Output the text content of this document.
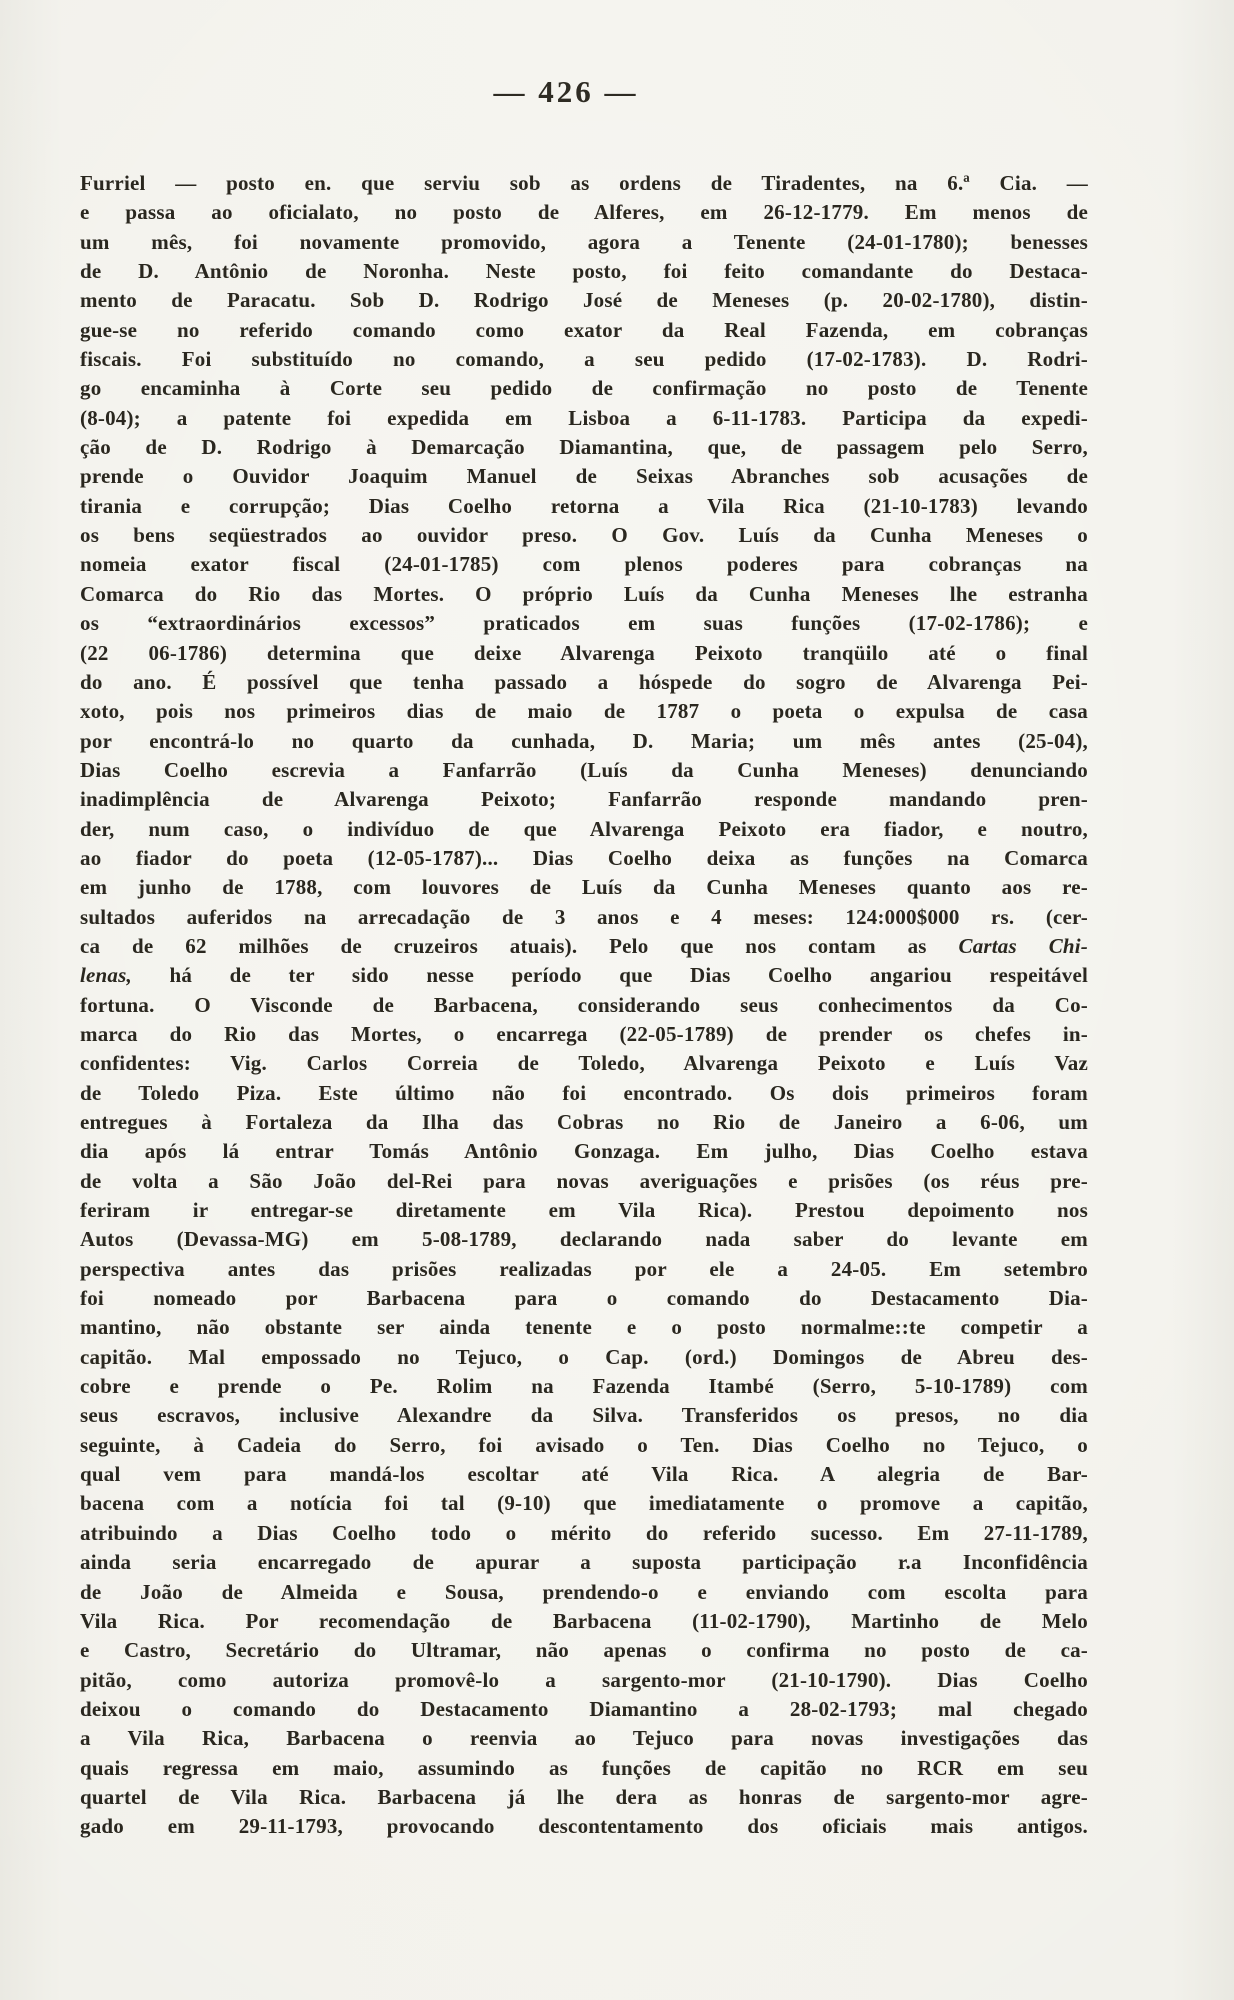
— 426 —
Furriel — posto en. que serviu sob as ordens de Tiradentes, na 6.ª Cia. —
e passa ao oficialato, no posto de Alferes, em 26-12-1779. Em menos de
um mês, foi novamente promovido, agora a Tenente (24-01-1780); benesses
de D. Antônio de Noronha. Neste posto, foi feito comandante do Destaca-
mento de Paracatu. Sob D. Rodrigo José de Meneses (p. 20-02-1780), distin-
gue-se no referido comando como exator da Real Fazenda, em cobranças
fiscais. Foi substituído no comando, a seu pedido (17-02-1783). D. Rodri-
go encaminha à Corte seu pedido de confirmação no posto de Tenente
(8-04); a patente foi expedida em Lisboa a 6-11-1783. Participa da expedi-
ção de D. Rodrigo à Demarcação Diamantina, que, de passagem pelo Serro,
prende o Ouvidor Joaquim Manuel de Seixas Abranches sob acusações de
tirania e corrupção; Dias Coelho retorna a Vila Rica (21-10-1783) levando
os bens seqüestrados ao ouvidor preso. O Gov. Luís da Cunha Meneses o
nomeia exator fiscal (24-01-1785) com plenos poderes para cobranças na
Comarca do Rio das Mortes. O próprio Luís da Cunha Meneses lhe estranha
os “extraordinários excessos” praticados em suas funções (17-02-1786); e
(22 06-1786) determina que deixe Alvarenga Peixoto tranqüilo até o final
do ano. É possível que tenha passado a hóspede do sogro de Alvarenga Pei-
xoto, pois nos primeiros dias de maio de 1787 o poeta o expulsa de casa
por encontrá-lo no quarto da cunhada, D. Maria; um mês antes (25-04),
Dias Coelho escrevia a Fanfarrão (Luís da Cunha Meneses) denunciando
inadimplência de Alvarenga Peixoto; Fanfarrão responde mandando pren-
der, num caso, o indivíduo de que Alvarenga Peixoto era fiador, e noutro,
ao fiador do poeta (12-05-1787)... Dias Coelho deixa as funções na Comarca
em junho de 1788, com louvores de Luís da Cunha Meneses quanto aos re-
sultados auferidos na arrecadação de 3 anos e 4 meses: 124:000$000 rs. (cer-
ca de 62 milhões de cruzeiros atuais). Pelo que nos contam as Cartas Chi-
lenas, há de ter sido nesse período que Dias Coelho angariou respeitável
fortuna. O Visconde de Barbacena, considerando seus conhecimentos da Co-
marca do Rio das Mortes, o encarrega (22-05-1789) de prender os chefes in-
confidentes: Vig. Carlos Correia de Toledo, Alvarenga Peixoto e Luís Vaz
de Toledo Piza. Este último não foi encontrado. Os dois primeiros foram
entregues à Fortaleza da Ilha das Cobras no Rio de Janeiro a 6-06, um
dia após lá entrar Tomás Antônio Gonzaga. Em julho, Dias Coelho estava
de volta a São João del-Rei para novas averiguações e prisões (os réus pre-
feriram ir entregar-se diretamente em Vila Rica). Prestou depoimento nos
Autos (Devassa-MG) em 5-08-1789, declarando nada saber do levante em
perspectiva antes das prisões realizadas por ele a 24-05. Em setembro
foi nomeado por Barbacena para o comando do Destacamento Dia-
mantino, não obstante ser ainda tenente e o posto normalme::te competir a
capitão. Mal empossado no Tejuco, o Cap. (ord.) Domingos de Abreu des-
cobre e prende o Pe. Rolim na Fazenda Itambé (Serro, 5-10-1789) com
seus escravos, inclusive Alexandre da Silva. Transferidos os presos, no dia
seguinte, à Cadeia do Serro, foi avisado o Ten. Dias Coelho no Tejuco, o
qual vem para mandá-los escoltar até Vila Rica. A alegria de Bar-
bacena com a notícia foi tal (9-10) que imediatamente o promove a capitão,
atribuindo a Dias Coelho todo o mérito do referido sucesso. Em 27-11-1789,
ainda seria encarregado de apurar a suposta participação r.a Inconfidência
de João de Almeida e Sousa, prendendo-o e enviando com escolta para
Vila Rica. Por recomendação de Barbacena (11-02-1790), Martinho de Melo
e Castro, Secretário do Ultramar, não apenas o confirma no posto de ca-
pitão, como autoriza promovê-lo a sargento-mor (21-10-1790). Dias Coelho
deixou o comando do Destacamento Diamantino a 28-02-1793; mal chegado
a Vila Rica, Barbacena o reenvia ao Tejuco para novas investigações das
quais regressa em maio, assumindo as funções de capitão no RCR em seu
quartel de Vila Rica. Barbacena já lhe dera as honras de sargento-mor agre-
gado em 29-11-1793, provocando descontentamento dos oficiais mais antigos.
